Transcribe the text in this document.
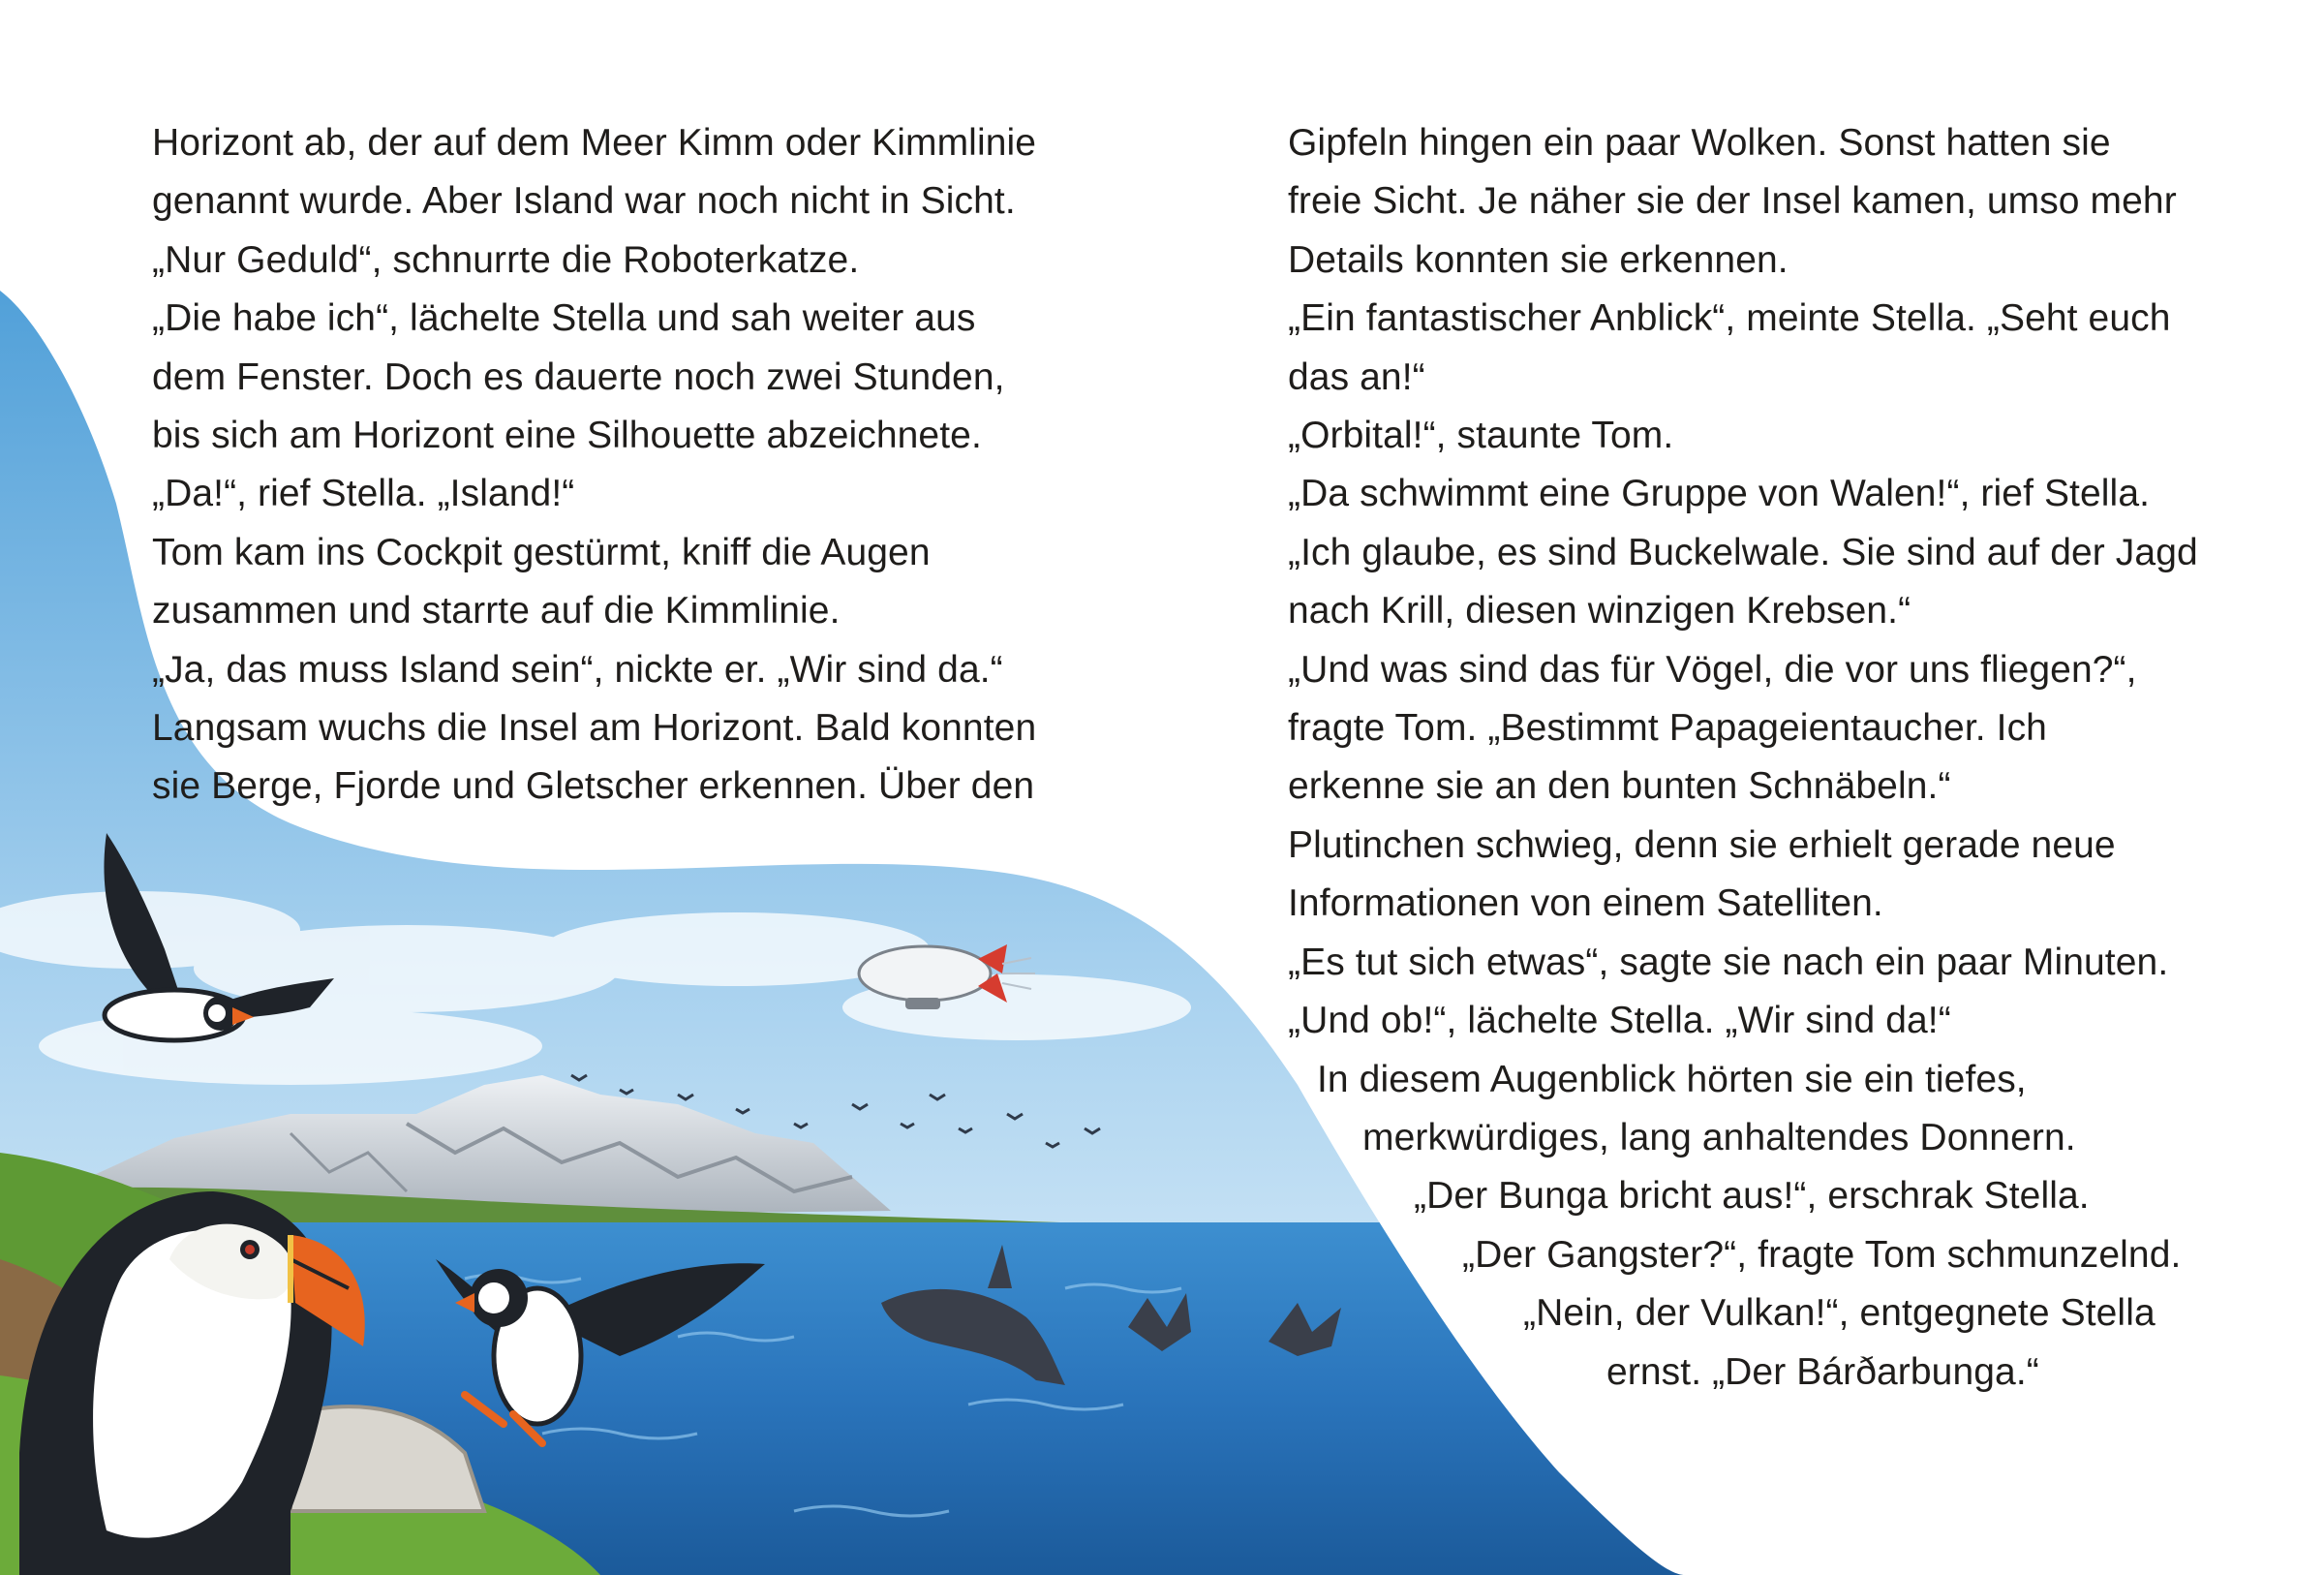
Horizont ab, der auf dem Meer Kimm oder Kimmlinie
genannt wurde. Aber Island war noch nicht in Sicht.
„Nur Geduld“, schnurrte die Roboterkatze.
„Die habe ich“, lächelte Stella und sah weiter aus
dem Fenster. Doch es dauerte noch zwei Stunden,
bis sich am Horizont eine Silhouette abzeichnete.
„Da!“, rief Stella. „Island!“
Tom kam ins Cockpit gestürmt, kniff die Augen
zusammen und starrte auf die Kimmlinie.
„Ja, das muss Island sein“, nickte er. „Wir sind da.“
Langsam wuchs die Insel am Horizont. Bald konnten
sie Berge, Fjorde und Gletscher erkennen. Über den
Gipfeln hingen ein paar Wolken. Sonst hatten sie
freie Sicht. Je näher sie der Insel kamen, umso mehr
Details konnten sie erkennen.
„Ein fantastischer Anblick“, meinte Stella. „Seht euch
das an!“
„Orbital!“, staunte Tom.
„Da schwimmt eine Gruppe von Walen!“, rief Stella.
„Ich glaube, es sind Buckelwale. Sie sind auf der Jagd
nach Krill, diesen winzigen Krebsen.“
„Und was sind das für Vögel, die vor uns fliegen?“,
fragte Tom. „Bestimmt Papageientaucher. Ich
erkenne sie an den bunten Schnäbeln.“
Plutinchen schwieg, denn sie erhielt gerade neue
Informationen von einem Satelliten.
„Es tut sich etwas“, sagte sie nach ein paar Minuten.
„Und ob!“, lächelte Stella. „Wir sind da!“
In diesem Augenblick hörten sie ein tiefes,
merkwürdiges, lang anhaltendes Donnern.
„Der Bunga bricht aus!“, erschrak Stella.
„Der Gangster?“, fragte Tom schmunzelnd.
„Nein, der Vulkan!“, entgegnete Stella
ernst. „Der Bárðarbunga.“
